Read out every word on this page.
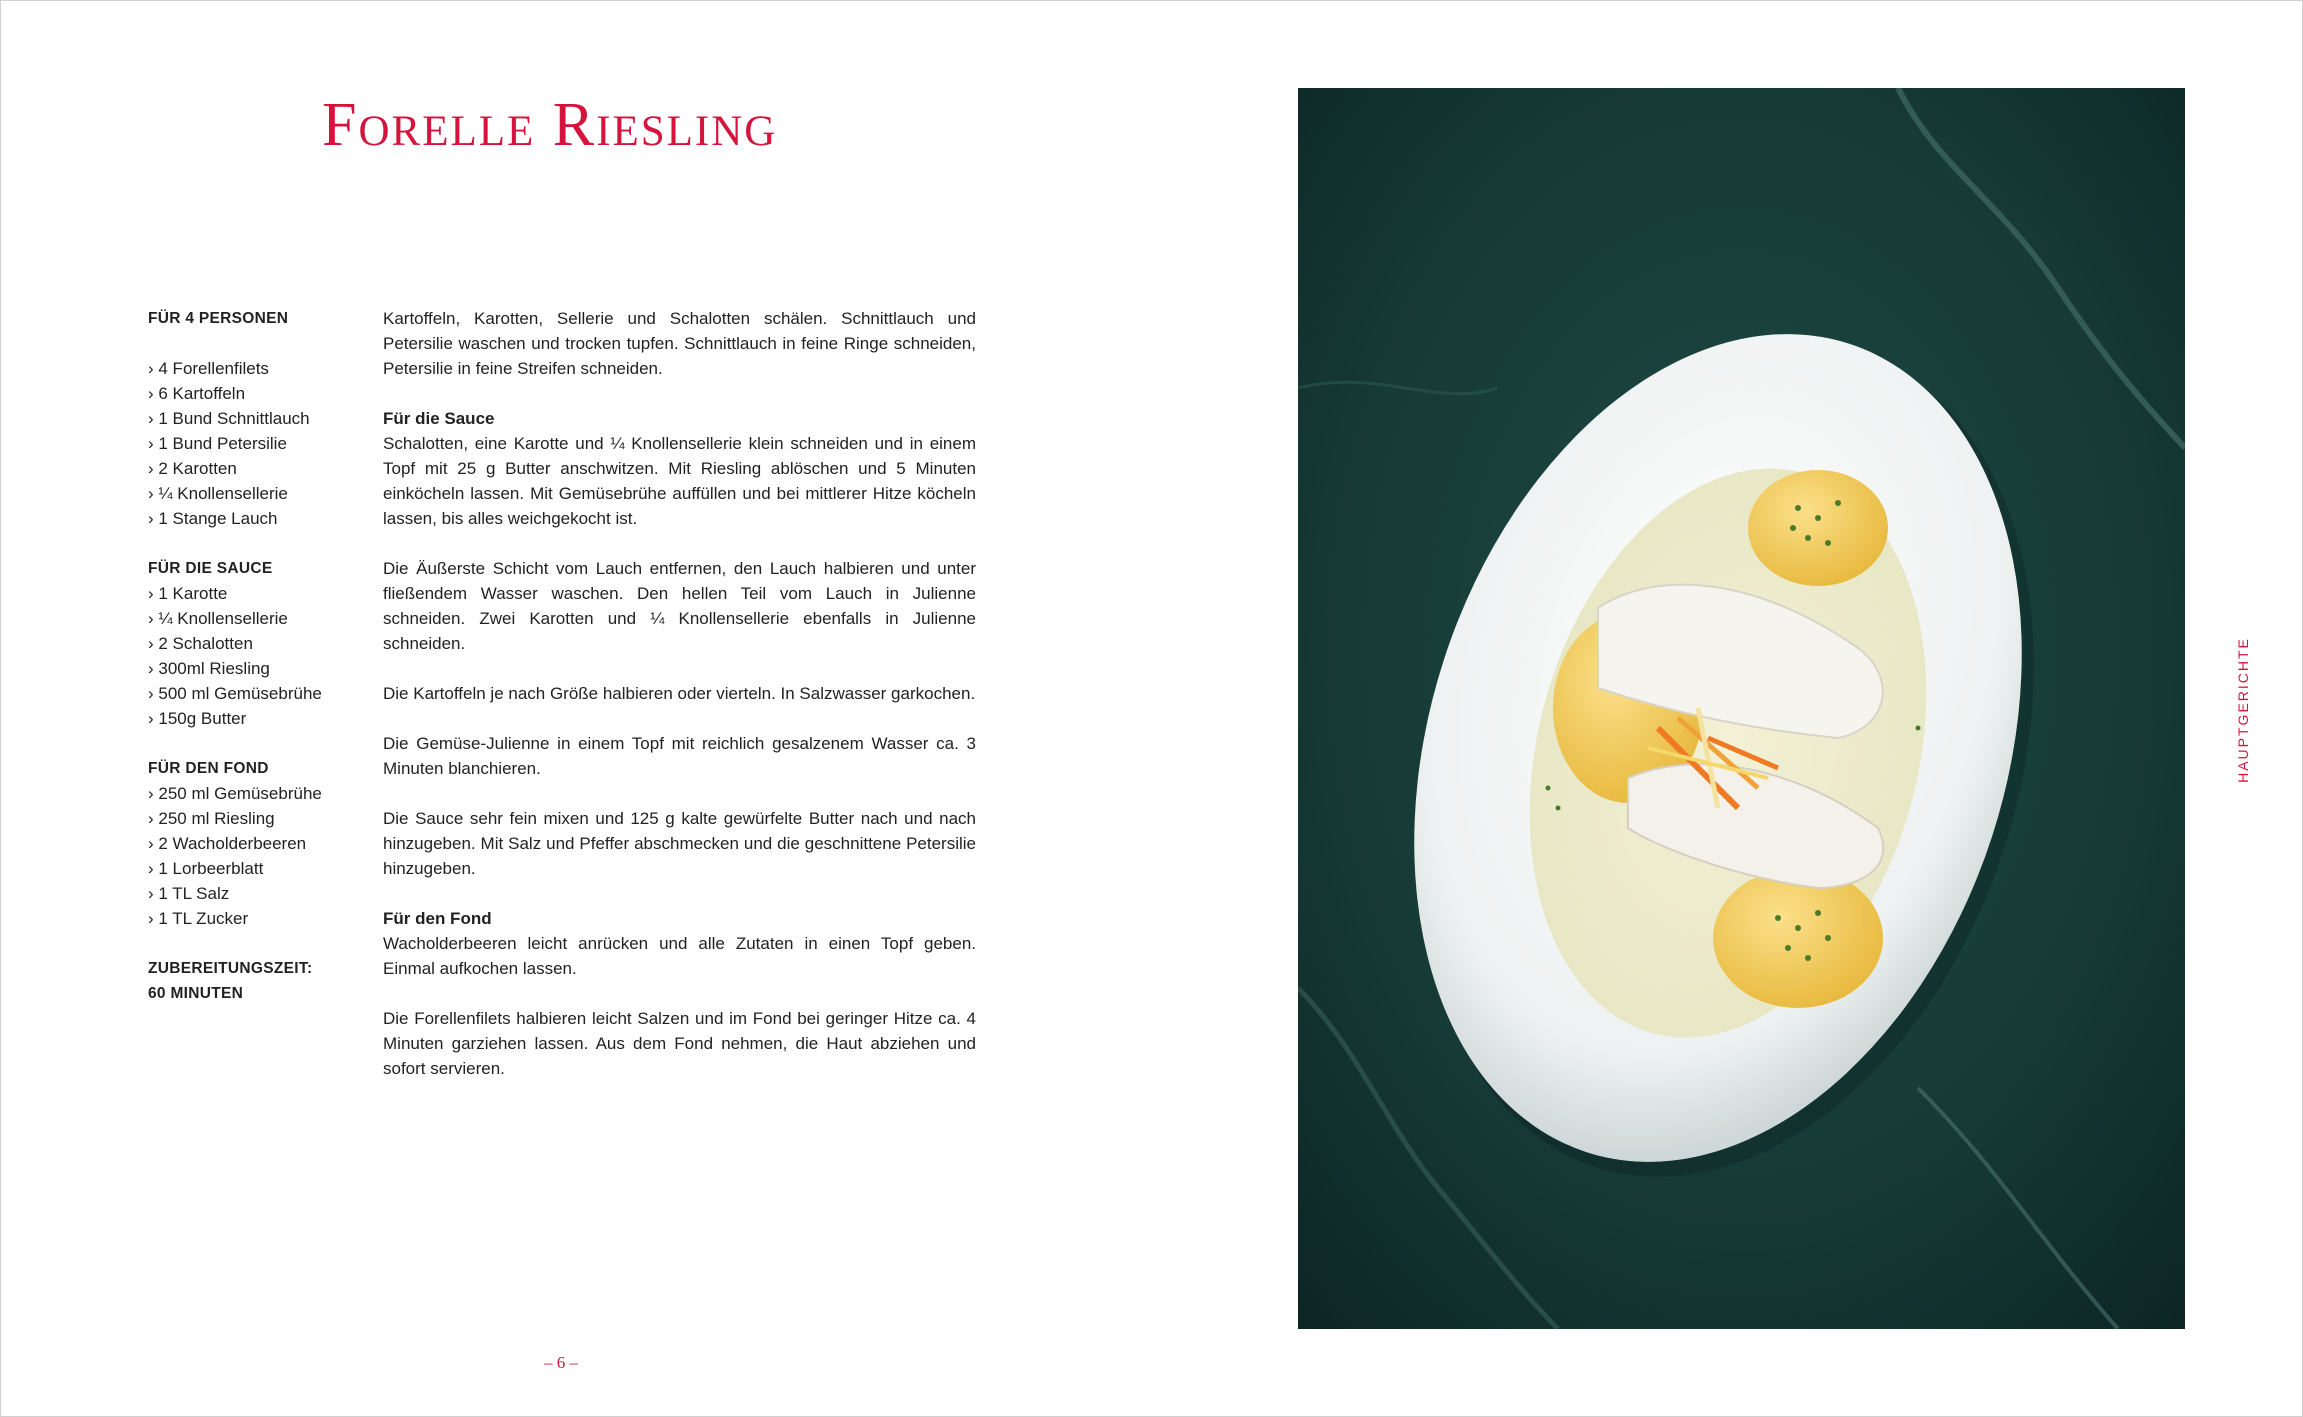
Forelle Riesling
FÜR 4 PERSONEN
› 4 Forellenfilets
› 6 Kartoffeln
› 1 Bund Schnittlauch
› 1 Bund Petersilie
› 2 Karotten
› ¼ Knollensellerie
› 1 Stange Lauch
FÜR DIE SAUCE
› 1 Karotte
› ¼ Knollensellerie
› 2 Schalotten
› 300ml Riesling
› 500 ml Gemüsebrühe
› 150g Butter
FÜR DEN FOND
› 250 ml Gemüsebrühe
› 250 ml Riesling
› 2 Wacholderbeeren
› 1 Lorbeerblatt
› 1 TL Salz
› 1 TL Zucker
ZUBEREITUNGSZEIT:
60 MINUTEN

Kartoffeln, Karotten, Sellerie und Schalotten schälen. Schnittlauch und Petersilie waschen und trocken tupfen. Schnittlauch in feine Ringe schneiden, Petersilie in feine Streifen schneiden.

Für die Sauce

Schalotten, eine Karotte und ¼ Knollensellerie klein schneiden und in einem Topf mit 25 g Butter anschwitzen. Mit Riesling ablöschen und 5 Minuten einköcheln lassen. Mit Gemüsebrühe auffüllen und bei mittlerer Hitze köcheln lassen, bis alles weichgekocht ist.

Die Äußerste Schicht vom Lauch entfernen, den Lauch halbieren und unter fließendem Wasser waschen. Den hellen Teil vom Lauch in Julienne schneiden. Zwei Karotten und ¼ Knollensellerie ebenfalls in Julienne schneiden.

Die Kartoffeln je nach Größe halbieren oder vierteln. In Salzwasser garkochen.

Die Gemüse-Julienne in einem Topf mit reichlich gesalzenem Wasser ca. 3 Minuten blanchieren.

Die Sauce sehr fein mixen und 125 g kalte gewürfelte Butter nach und nach hinzugeben. Mit Salz und Pfeffer abschmecken und die geschnittene Petersilie hinzugeben.

Für den Fond

Wacholderbeeren leicht anrücken und alle Zutaten in einen Topf geben. Einmal aufkochen lassen.

Die Forellenfilets halbieren leicht Salzen und im Fond bei geringer Hitze ca. 4 Minuten garziehen lassen. Aus dem Fond nehmen, die Haut abziehen und sofort servieren.

– 6 –
HAUPTGERICHTE
